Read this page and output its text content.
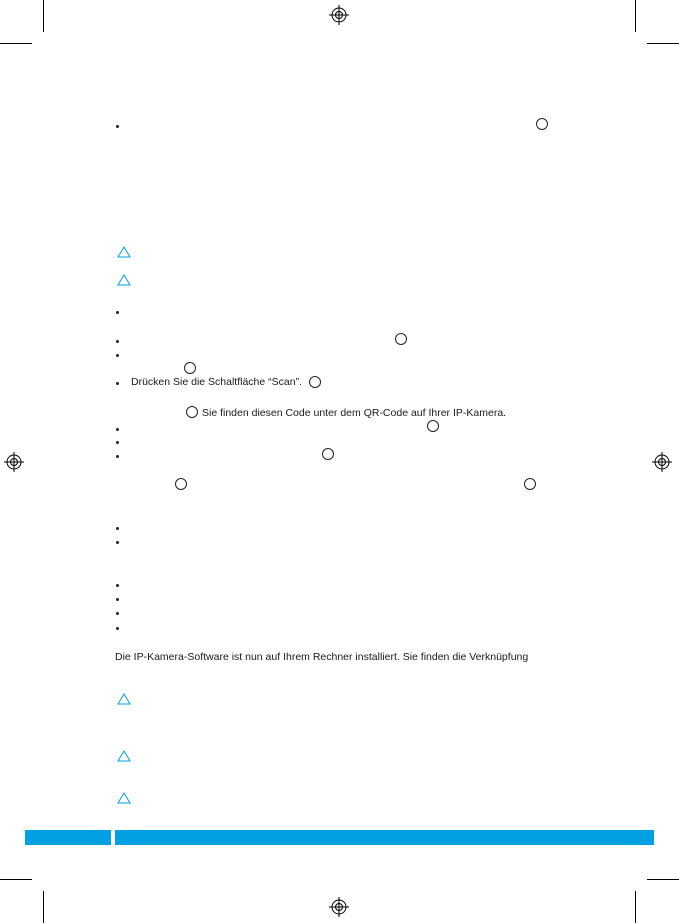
Drücken Sie die Schaltfläche “Scan”.
Sie finden diesen Code unter dem QR-Code auf Ihrer IP-Kamera.
Die IP-Kamera-Software ist nun auf Ihrem Rechner installiert. Sie finden die Verknüpfung
